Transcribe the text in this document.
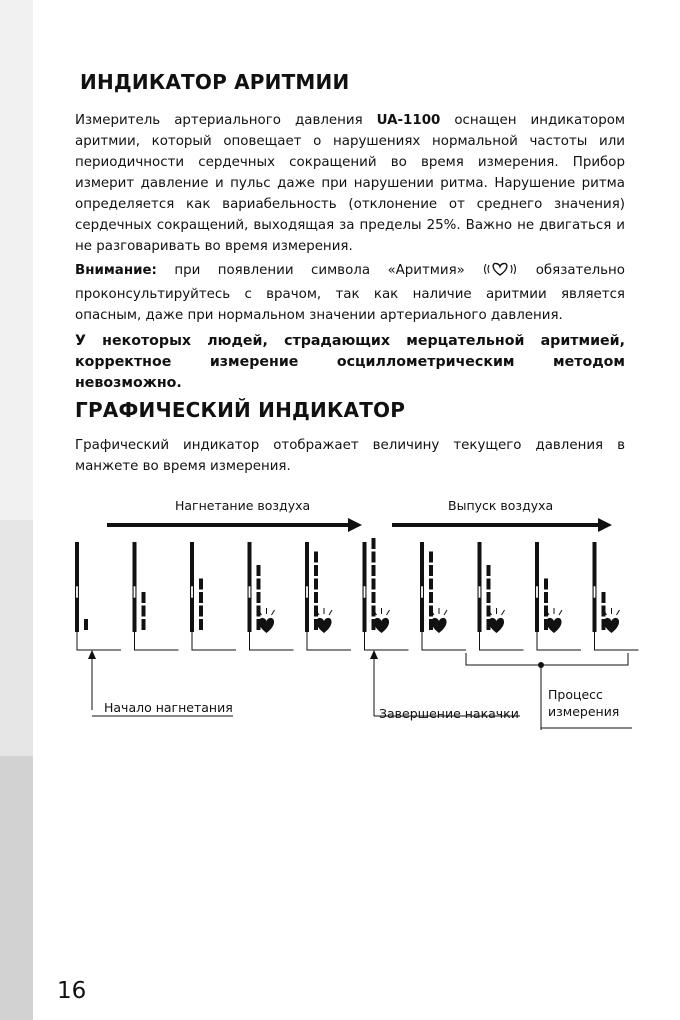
ИНДИКАТОР АРИТМИИ

Измеритель артериального давления UA-1100 оснащен индикатором аритмии, который оповещает о нарушениях нормальной частоты или периодичности сердечных сокращений во время измерения. Прибор измерит давление и пульс даже при нарушении ритма. Нарушение ритма определяется как вариабельность (отклонение от среднего значения) сердечных сокращений, выходящая за пределы 25%. Важно не двигаться и не разговаривать во время измерения.

Внимание: при появлении символа «Аритмия»	обязательно проконсультируйтесь с врачом, так как наличие аритмии является опасным, даже при нормальном значении артериального давления.

У некоторых людей, страдающих мерцательной аритмией, корректное измерение осциллометрическим методом невозможно.

ГРАФИЧЕСКИЙ ИНДИКАТОР

Графический индикатор отображает величину текущего давления в манжете во время измерения.

Нагнетание воздуха	Выпуск воздуха
Начало нагнетания	Завершение накачки
Процесс
измерения

16
